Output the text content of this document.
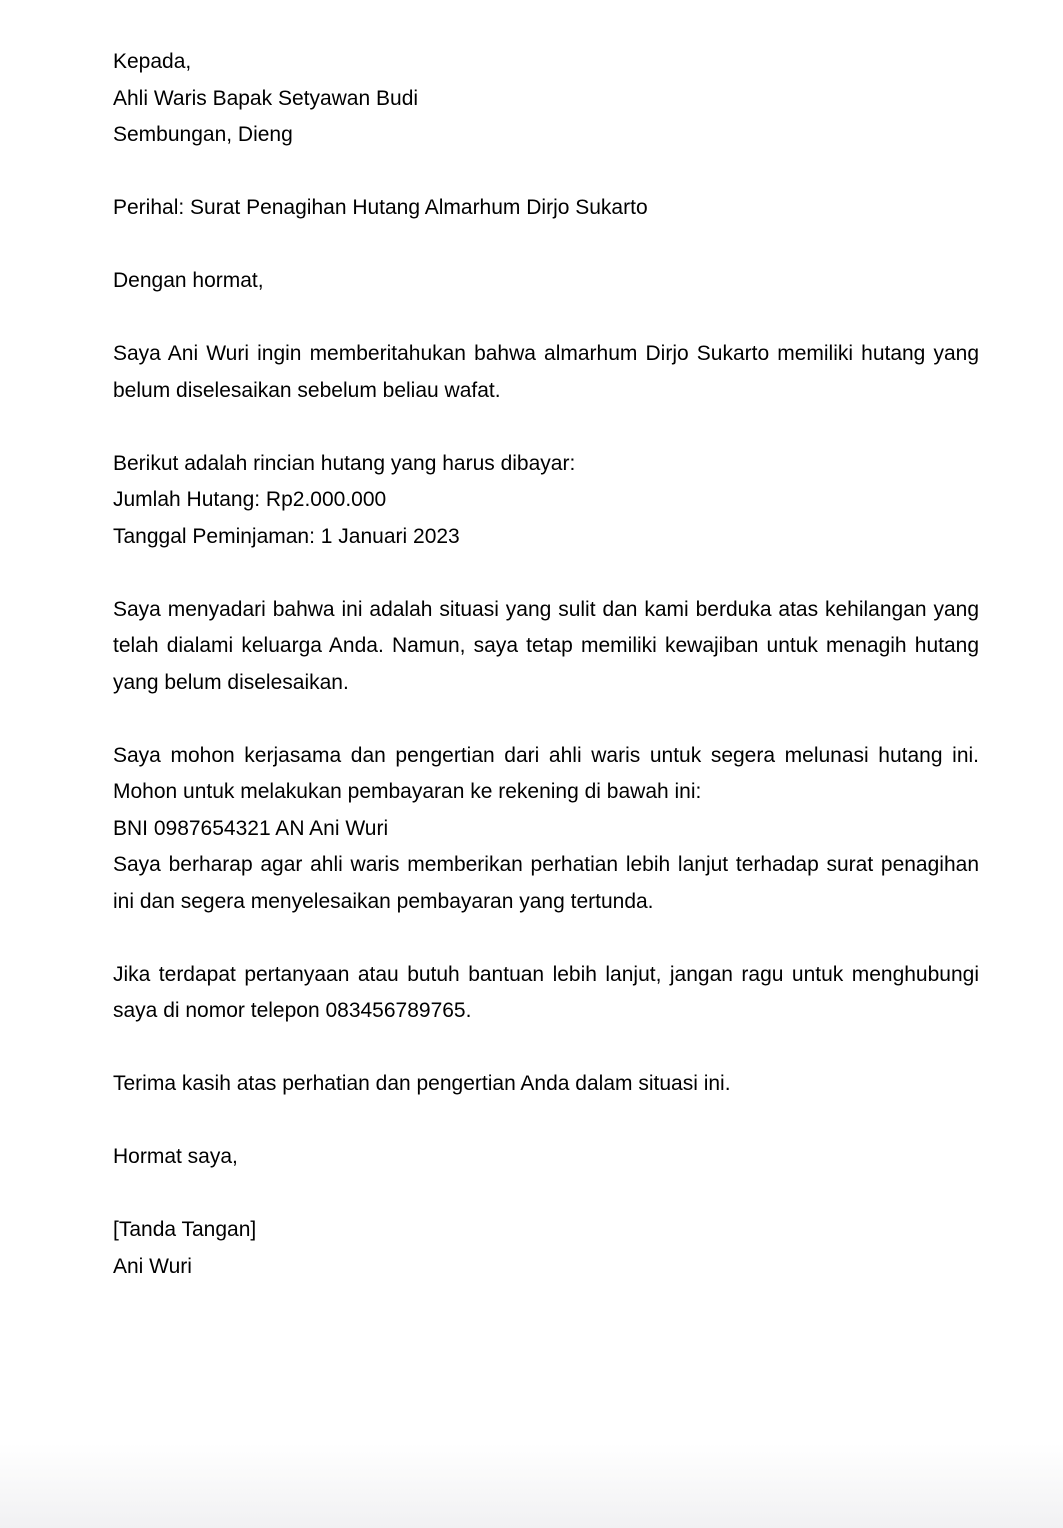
Kepada,
Ahli Waris Bapak Setyawan Budi
Sembungan, Dieng
Perihal: Surat Penagihan Hutang Almarhum Dirjo Sukarto
Dengan hormat,
Saya Ani Wuri ingin memberitahukan bahwa almarhum Dirjo Sukarto memiliki hutang yang belum diselesaikan sebelum beliau wafat.
Berikut adalah rincian hutang yang harus dibayar:
Jumlah Hutang: Rp2.000.000
Tanggal Peminjaman: 1 Januari 2023
Saya menyadari bahwa ini adalah situasi yang sulit dan kami berduka atas kehilangan yang telah dialami keluarga Anda. Namun, saya tetap memiliki kewajiban untuk menagih hutang yang belum diselesaikan.
Saya mohon kerjasama dan pengertian dari ahli waris untuk segera melunasi hutang ini. Mohon untuk melakukan pembayaran ke rekening di bawah ini:
BNI 0987654321 AN Ani Wuri
Saya berharap agar ahli waris memberikan perhatian lebih lanjut terhadap surat penagihan ini dan segera menyelesaikan pembayaran yang tertunda.
Jika terdapat pertanyaan atau butuh bantuan lebih lanjut, jangan ragu untuk menghubungi saya di nomor telepon 083456789765.
Terima kasih atas perhatian dan pengertian Anda dalam situasi ini.
Hormat saya,
[Tanda Tangan]
Ani Wuri
